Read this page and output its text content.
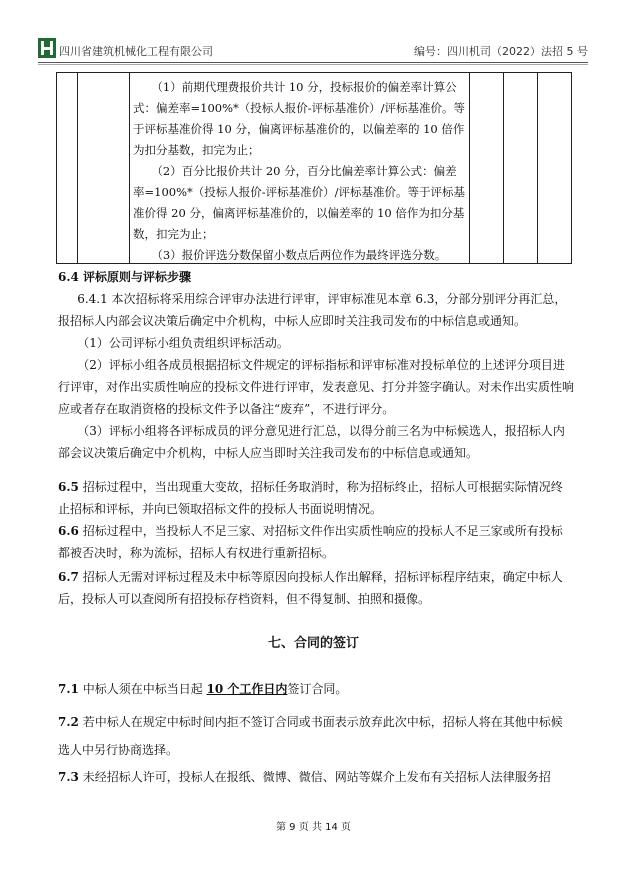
四川省建筑机械化工程有限公司	编号：四川机司（2022）法招 5 号

（1）前期代理费报价共计 10 分，投标报价的偏差率计算公式：偏差率=100%*（投标人报价-评标基准价）/评标基准价。等于评标基准价得 10 分，偏离评标基准价的，以偏差率的 10 倍作为扣分基数，扣完为止；

（2）百分比报价共计 20 分，百分比偏差率计算公式：偏差率=100%*（投标人报价-评标基准价）/评标基准价。等于评标基准价得 20 分，偏离评标基准价的，以偏差率的 10 倍作为扣分基数，扣完为止；

（3）报价评选分数保留小数点后两位作为最终评选分数。

6.4 评标原则与评标步骤

6.4.1 本次招标将采用综合评审办法进行评审，评审标准见本章 6.3，分部分别评分再汇总，报招标人内部会议决策后确定中介机构，中标人应即时关注我司发布的中标信息或通知。

（1）公司评标小组负责组织评标活动。

（2）评标小组各成员根据招标文件规定的评标指标和评审标准对投标单位的上述评分项目进行评审，对作出实质性响应的投标文件进行评审，发表意见、打分并签字确认。对未作出实质性响应或者存在取消资格的投标文件予以备注“废弃”，不进行评分。

（3）评标小组将各评标成员的评分意见进行汇总，以得分前三名为中标候选人，报招标人内部会议决策后确定中介机构，中标人应当即时关注我司发布的中标信息或通知。

6.5 招标过程中，当出现重大变故，招标任务取消时，称为招标终止，招标人可根据实际情况终止招标和评标，并向已领取招标文件的投标人书面说明情况。

6.6 招标过程中，当投标人不足三家、对招标文件作出实质性响应的投标人不足三家或所有投标都被否决时，称为流标，招标人有权进行重新招标。

6.7 招标人无需对评标过程及未中标等原因向投标人作出解释，招标评标程序结束，确定中标人后，投标人可以查阅所有招投标存档资料，但不得复制、拍照和摄像。

七、合同的签订

7.1 中标人须在中标当日起 10 个工作日内签订合同。

7.2 若中标人在规定中标时间内拒不签订合同或书面表示放弃此次中标，招标人将在其他中标候选人中另行协商选择。

7.3 未经招标人许可，投标人在报纸、微博、微信、网站等媒介上发布有关招标人法律服务招

第 9 页 共 14 页
